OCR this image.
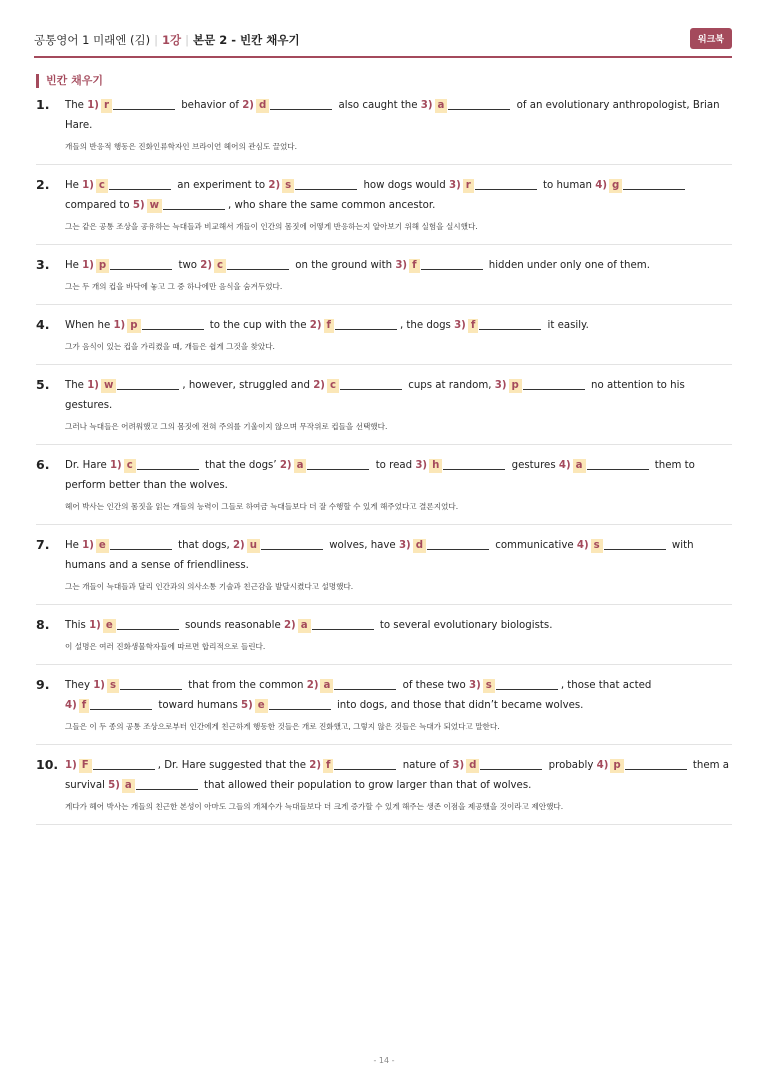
공통영어 1 미래엔 (김) | 1강 | 본문 2 - 빈칸 채우기	워크북
빈칸 채우기
1. The 1) r	behavior of 2) d	also caught the 3) a	of an evolutionary anthropologist, Brian Hare.
개들의 반응적 행동은 진화인류학자인 브라이언 헤어의 관심도 끌었다.
2. He 1) c	an experiment to 2) s	how dogs would 3) r	to human 4) g compared to 5) w	, who share the same common ancestor.
그는 같은 공통 조상을 공유하는 늑대들과 비교해서 개들이 인간의 몸짓에 어떻게 반응하는지 알아보기 위해 실험을 실시했다.
3. He 1) p	two 2) c	on the ground with 3) f	hidden under only one of them.
그는 두 개의 컵을 바닥에 놓고 그 중 하나에만 음식을 숨겨두었다.
4. When he 1) p	to the cup with the 2) f	, the dogs 3) f	it easily.
그가 음식이 있는 컵을 가리켰을 때, 개들은 쉽게 그것을 찾았다.
5. The 1) w	, however, struggled and 2) c	cups at random, 3) p	no attention to his gestures.
그러나 늑대들은 어려워했고 그의 몸짓에 전혀 주의를 기울이지 않으며 무작위로 컵들을 선택했다.
6. Dr. Hare 1) c	that the dogs’ 2) a	to read 3) h	gestures 4) a	them to perform better than the wolves.
헤어 박사는 인간의 몸짓을 읽는 개들의 능력이 그들로 하여금 늑대들보다 더 잘 수행할 수 있게 해주었다고 결론지었다.
7. He 1) e	that dogs, 2) u	wolves, have 3) d	communicative 4) s	with humans and a sense of friendliness.
그는 개들이 늑대들과 달리 인간과의 의사소통 기술과 친근감을 발달시켰다고 설명했다.
8. This 1) e	sounds reasonable 2) a	to several evolutionary biologists.
이 설명은 여러 진화생물학자들에 따르면 합리적으로 들린다.
9. They 1) s	that from the common 2) a	of these two 3) s	, those that acted 4) f	toward humans 5) e	into dogs, and those that didn’t became wolves.
그들은 이 두 종의 공통 조상으로부터 인간에게 친근하게 행동한 것들은 개로 진화했고, 그렇지 않은 것들은 늑대가 되었다고 말한다.
10. 1) F	, Dr. Hare suggested that the 2) f	nature of 3) d	probably 4) p	them a survival 5) a	that allowed their population to grow larger than that of wolves.
게다가 헤어 박사는 개들의 친근한 본성이 아마도 그들의 개체수가 늑대들보다 더 크게 증가할 수 있게 해주는 생존 이점을 제공했을 것이라고 제안했다.
- 14 -
